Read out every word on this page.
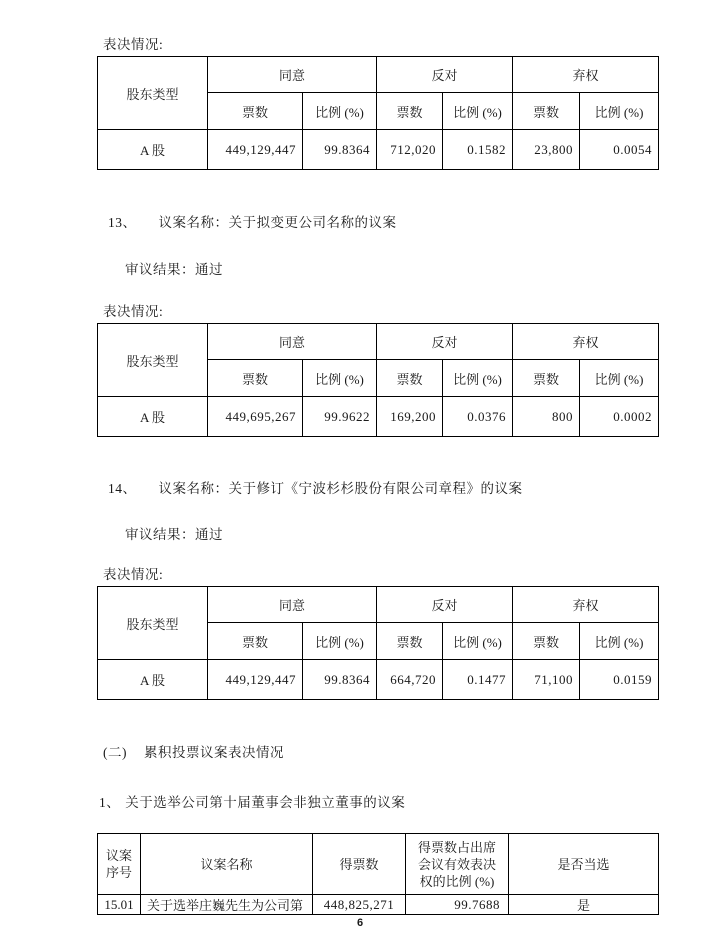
表决情况:
股东类型	同意		反对		弃权	
	票数	比例 (%)	票数	比例 (%)	票数	比例 (%)
A 股	449,129,447	99.8364	712,020	0.1582	23,800	0.0054
13、 议案名称：关于拟变更公司名称的议案
审议结果：通过
表决情况:
股东类型	同意		反对		弃权	
	票数	比例 (%)	票数	比例 (%)	票数	比例 (%)
A 股	449,695,267	99.9622	169,200	0.0376	800	0.0002
14、 议案名称：关于修订《宁波杉杉股份有限公司章程》的议案
审议结果：通过
表决情况:
股东类型	同意		反对		弃权	
	票数	比例 (%)	票数	比例 (%)	票数	比例 (%)
A 股	449,129,447	99.8364	664,720	0.1477	71,100	0.0159
(二) 累积投票议案表决情况
1、 关于选举公司第十届董事会非独立董事的议案
议案
序号	议案名称	得票数	得票数占出席
会议有效表决
权的比例 (%)	是否当选
15.01	关于选举庄巍先生为公司第	448,825,271	99.7688	是
6
